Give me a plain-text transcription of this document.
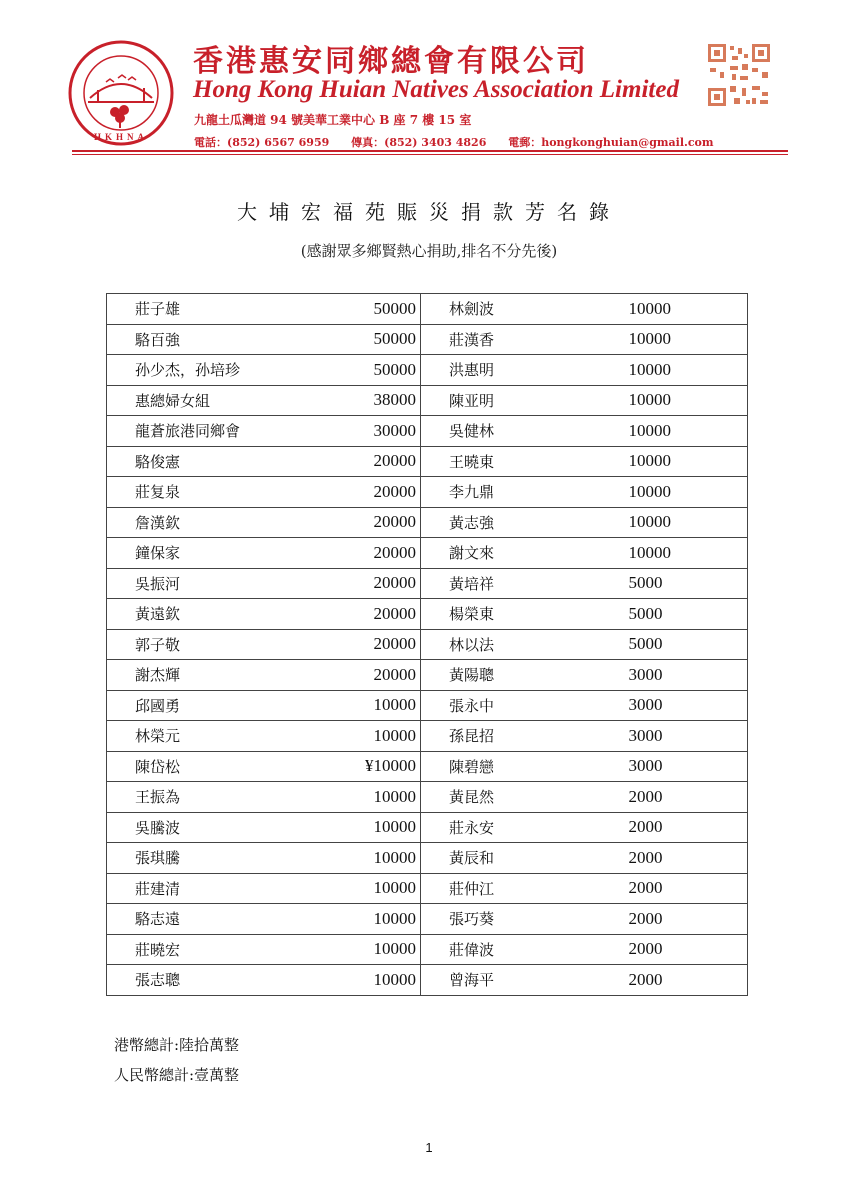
HKHNA
香港惠安同鄉總會有限公司
Hong Kong Huian Natives Association Limited
九龍土瓜灣道 94 號美華工業中心 B 座 7 樓 15 室
電話：(852) 6567 6959 傳真：(852) 3403 4826 電郵：hongkonghuian@gmail.com
大埔宏福苑賑災捐款芳名錄
(感謝眾多鄉賢熱心捐助,排名不分先後)
莊子雄	50000	林劍波	10000
駱百強	50000	莊漢香	10000
孙少杰，孙培珍	50000	洪惠明	10000
惠總婦女組	38000	陳亚明	10000
龍蒼旅港同鄉會	30000	吳健林	10000
駱俊憲	20000	王曉東	10000
莊复泉	20000	李九鼎	10000
詹漢欽	20000	黃志強	10000
鐘保家	20000	謝文來	10000
吳振河	20000	黃培祥	5000
黃遠欽	20000	楊榮東	5000
郭子敬	20000	林以法	5000
謝杰輝	20000	黃陽聰	3000
邱國勇	10000	張永中	3000
林榮元	10000	孫昆招	3000
陳岱松	¥10000	陳碧戀	3000
王振為	10000	黃昆然	2000
吳騰波	10000	莊永安	2000
張琪騰	10000	黃辰和	2000
莊建清	10000	莊仲江	2000
駱志遠	10000	張巧葵	2000
莊曉宏	10000	莊偉波	2000
張志聰	10000	曾海平	2000
港幣總計:陸拾萬整
人民幣總計:壹萬整
1
